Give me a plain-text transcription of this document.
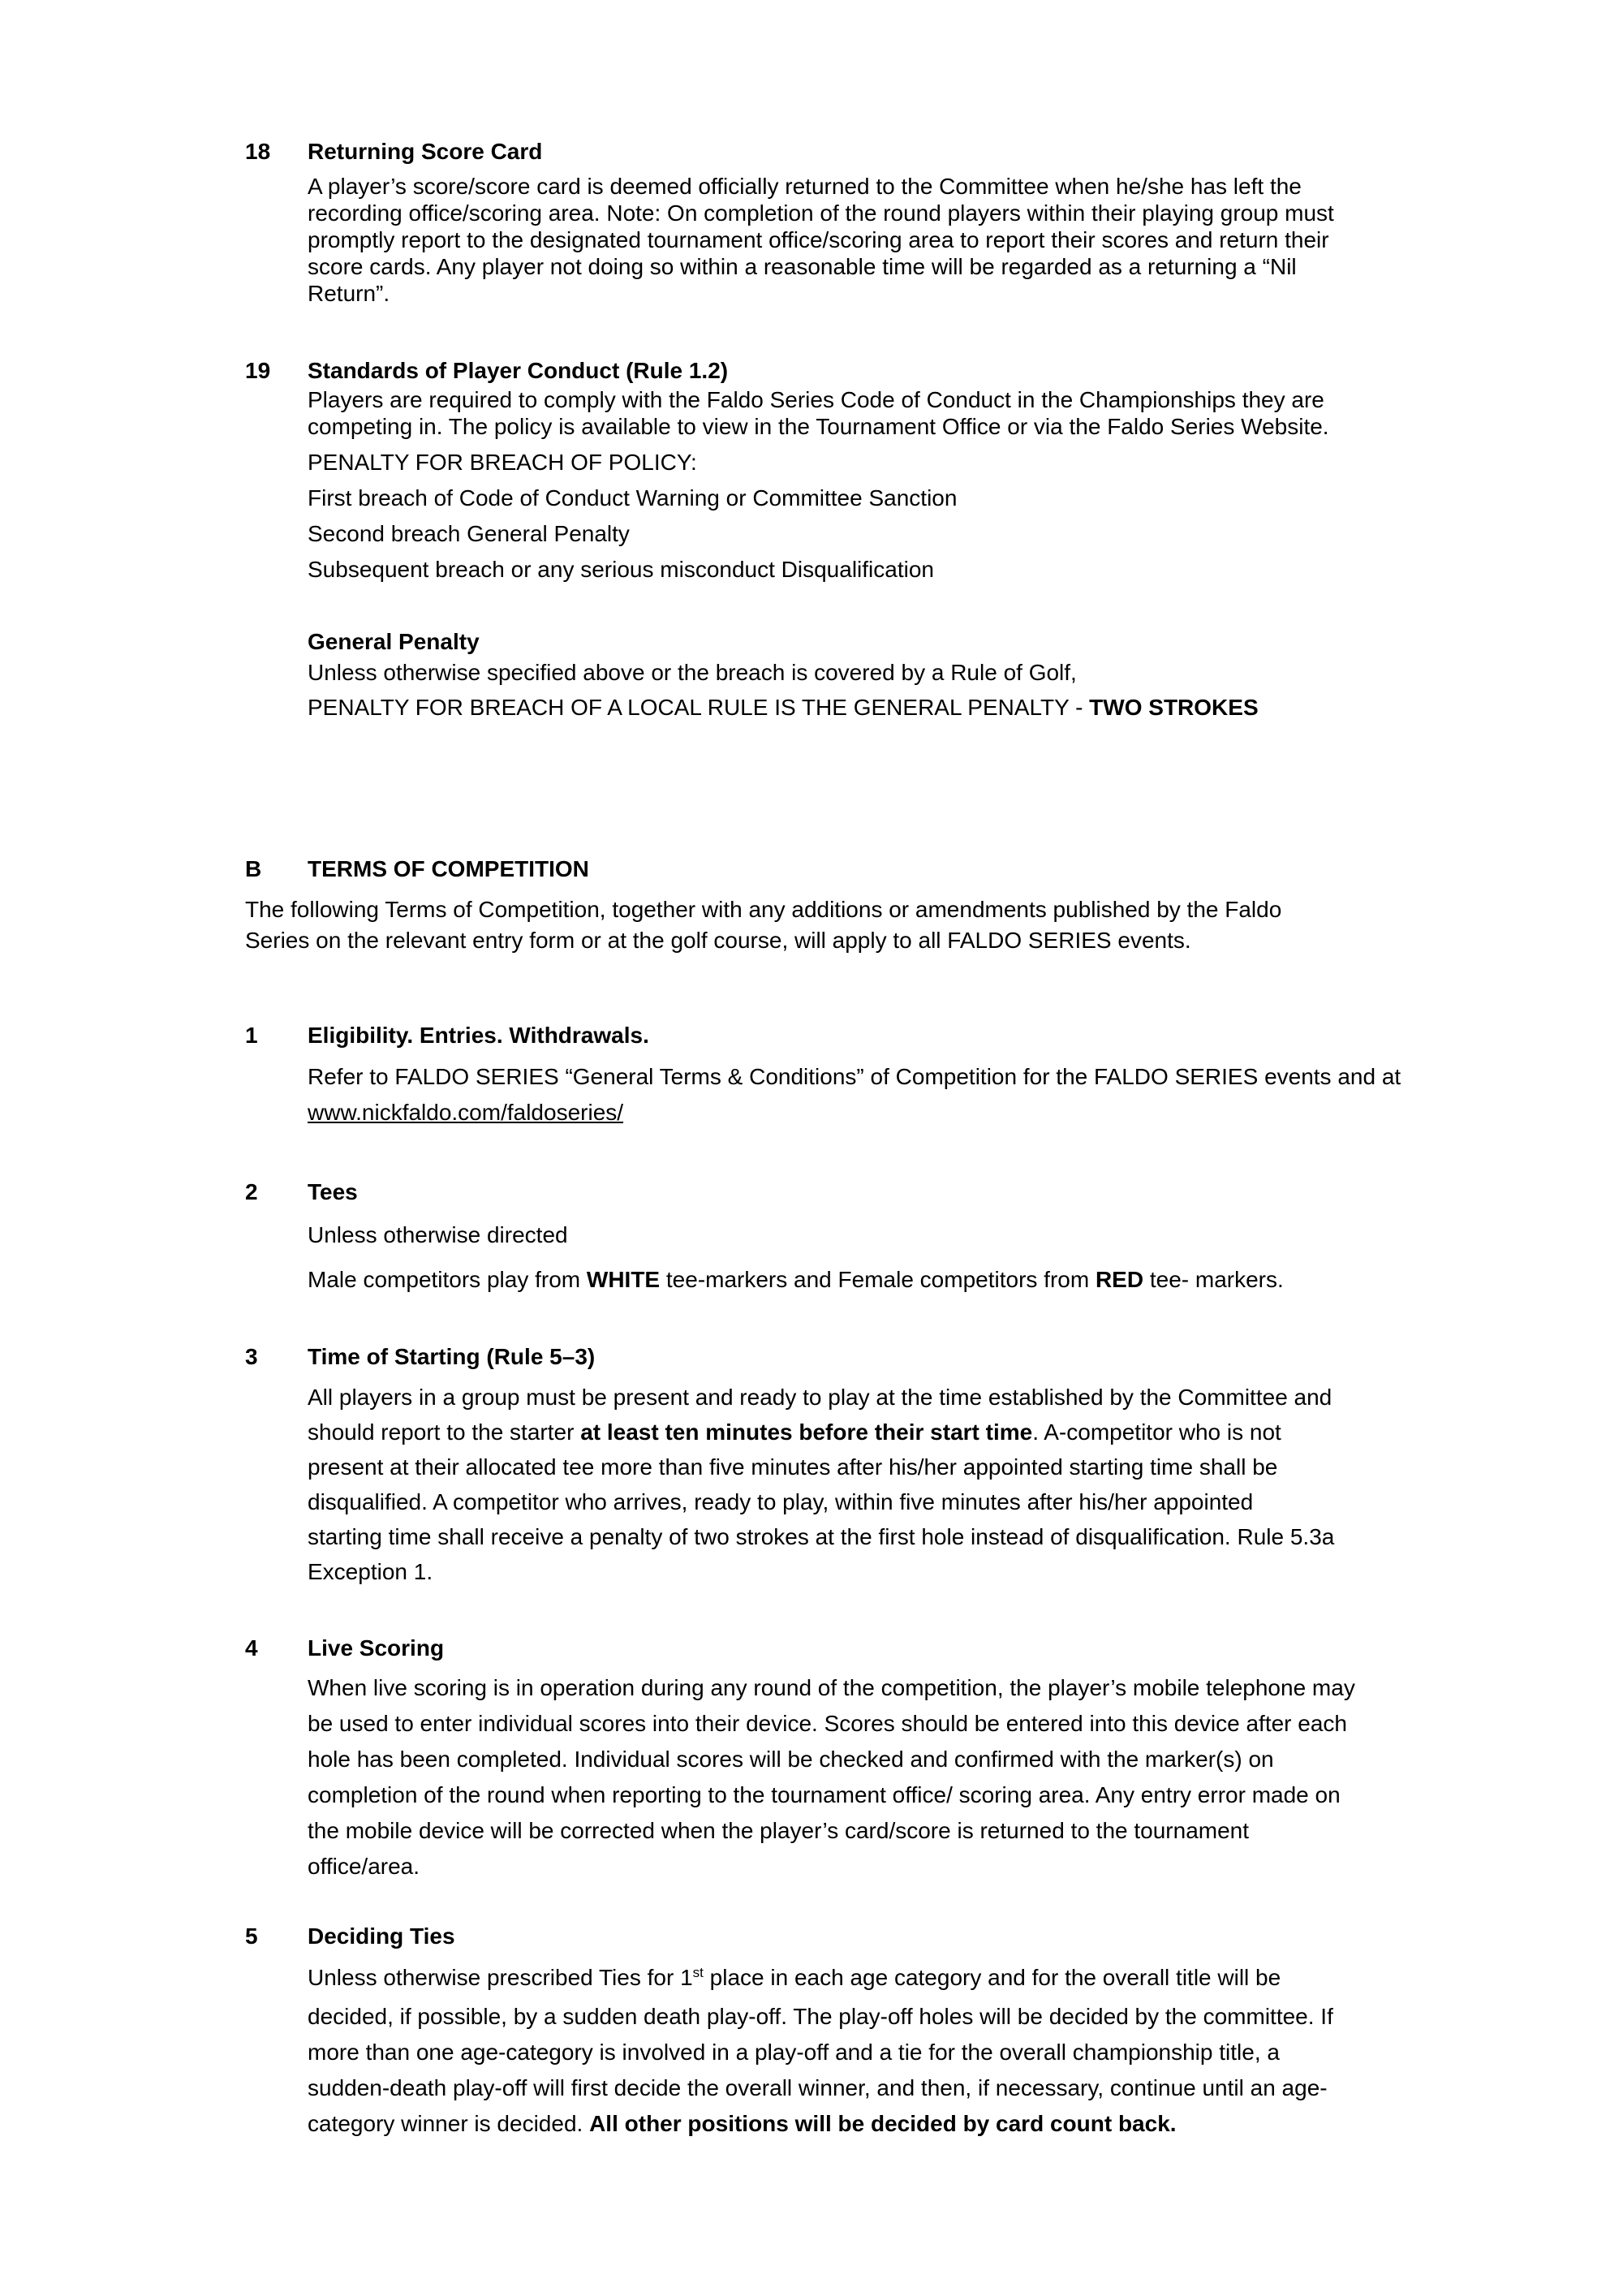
18	Returning Score Card

A player’s score/score card is deemed officially returned to the Committee when he/she has left the
recording office/scoring area. Note: On completion of the round players within their playing group must
promptly report to the designated tournament office/scoring area to report their scores and return their
score cards. Any player not doing so within a reasonable time will be regarded as a returning a “Nil
Return”.

19	Standards of Player Conduct (Rule 1.2)

Players are required to comply with the Faldo Series Code of Conduct in the Championships they are
competing in. The policy is available to view in the Tournament Office or via the Faldo Series Website.

PENALTY FOR BREACH OF POLICY:

First breach of Code of Conduct Warning or Committee Sanction

Second breach General Penalty

Subsequent breach or any serious misconduct Disqualification

General Penalty

Unless otherwise specified above or the breach is covered by a Rule of Golf,

PENALTY FOR BREACH OF A LOCAL RULE IS THE GENERAL PENALTY - TWO STROKES

B	TERMS OF COMPETITION

The following Terms of Competition, together with any additions or amendments published by the Faldo
Series on the relevant entry form or at the golf course, will apply to all FALDO SERIES events.

1	Eligibility. Entries. Withdrawals.

Refer to FALDO SERIES “General Terms & Conditions” of Competition for the FALDO SERIES events and at
www.nickfaldo.com/faldoseries/

2	Tees

Unless otherwise directed

Male competitors play from WHITE tee-markers and Female competitors from RED tee- markers.

3	Time of Starting (Rule 5–3)

All players in a group must be present and ready to play at the time established by the Committee and
should report to the starter at least ten minutes before their start time. A-competitor who is not
present at their allocated tee more than five minutes after his/her appointed starting time shall be
disqualified. A competitor who arrives, ready to play, within five minutes after his/her appointed
starting time shall receive a penalty of two strokes at the first hole instead of disqualification. Rule 5.3a
Exception 1.

4	Live Scoring

When live scoring is in operation during any round of the competition, the player’s mobile telephone may
be used to enter individual scores into their device. Scores should be entered into this device after each
hole has been completed. Individual scores will be checked and confirmed with the marker(s) on
completion of the round when reporting to the tournament office/ scoring area. Any entry error made on
the mobile device will be corrected when the player’s card/score is returned to the tournament
office/area.

5	Deciding Ties

Unless otherwise prescribed Ties for 1st place in each age category and for the overall title will be
decided, if possible, by a sudden death play-off. The play-off holes will be decided by the committee. If
more than one age-category is involved in a play-off and a tie for the overall championship title, a
sudden-death play-off will first decide the overall winner, and then, if necessary, continue until an age-
category winner is decided. All other positions will be decided by card count back.
